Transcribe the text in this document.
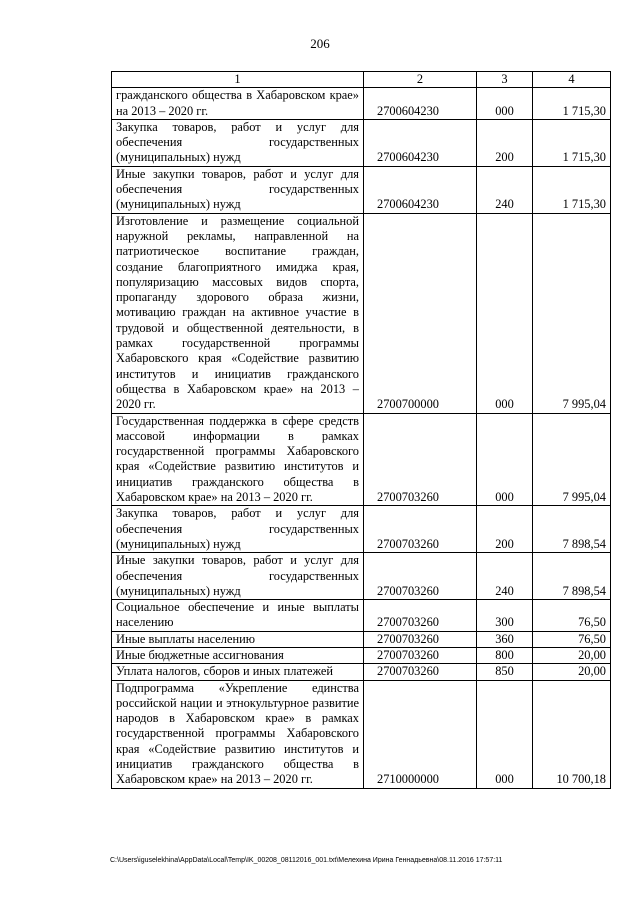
206
1	2	3	4
гражданского общества в Хабаровском крае» на 2013 – 2020 гг.	2700604230	000	1 715,30
Закупка товаров, работ и услуг для обеспечения государственных (муниципальных) нужд	2700604230	200	1 715,30
Иные закупки товаров, работ и услуг для обеспечения государственных (муниципальных) нужд	2700604230	240	1 715,30
Изготовление и размещение социальной наружной рекламы, направленной на патриотическое воспитание граждан, создание благоприятного имиджа края, популяризацию массовых видов спорта, пропаганду здорового образа жизни, мотивацию граждан на активное участие в трудовой и общественной деятельности, в рамках государственной программы Хабаровского края «Содействие развитию институтов и инициатив гражданского общества в Хабаровском крае» на 2013 – 2020 гг.	2700700000	000	7 995,04
Государственная поддержка в сфере средств массовой информации в рамках государственной программы Хабаровского края «Содействие развитию институтов и инициатив гражданского общества в Хабаровском крае» на 2013 – 2020 гг.	2700703260	000	7 995,04
Закупка товаров, работ и услуг для обеспечения государственных (муниципальных) нужд	2700703260	200	7 898,54
Иные закупки товаров, работ и услуг для обеспечения государственных (муниципальных) нужд	2700703260	240	7 898,54
Социальное обеспечение и иные выплаты населению	2700703260	300	76,50
Иные выплаты населению	2700703260	360	76,50
Иные бюджетные ассигнования	2700703260	800	20,00
Уплата налогов, сборов и иных платежей	2700703260	850	20,00
Подпрограмма «Укрепление единства российской нации и этнокультурное развитие народов в Хабаровском крае» в рамках государственной программы Хабаровского края «Содействие развитию институтов и инициатив гражданского общества в Хабаровском крае» на 2013 – 2020 гг.	2710000000	000	10 700,18
C:\Users\iguselekhina\AppData\Local\Temp\IK_00208_08112016_001.txt\Мелехина Ирина Геннадьевна\08.11.2016 17:57:11
